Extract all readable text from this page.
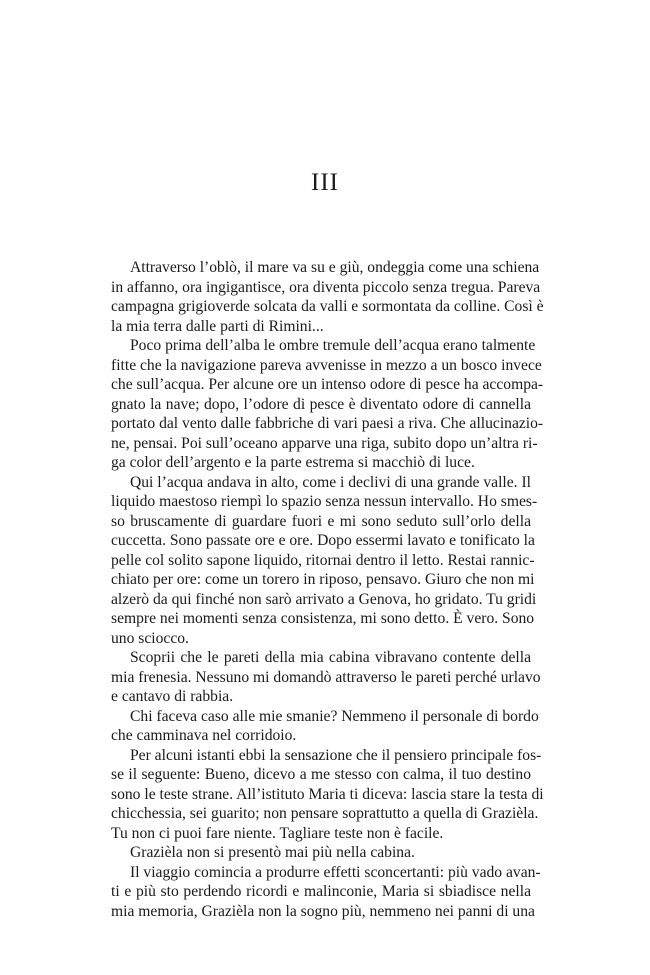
III
Attraverso l’oblò, il mare va su e giù, ondeggia come una schiena
in affanno, ora ingigantisce, ora diventa piccolo senza tregua. Pareva
campagna grigioverde solcata da valli e sormontata da colline. Così è
la mia terra dalle parti di Rimini...
Poco prima dell’alba le ombre tremule dell’acqua erano talmente
fitte che la navigazione pareva avvenisse in mezzo a un bosco invece
che sull’acqua. Per alcune ore un intenso odore di pesce ha accompa-
gnato la nave; dopo, l’odore di pesce è diventato odore di cannella
portato dal vento dalle fabbriche di vari paesi a riva. Che allucinazio-
ne, pensai. Poi sull’oceano apparve una riga, subito dopo un’altra ri-
ga color dell’argento e la parte estrema si macchiò di luce.
Qui l’acqua andava in alto, come i declivi di una grande valle. Il
liquido maestoso riempì lo spazio senza nessun intervallo. Ho smes-
so bruscamente di guardare fuori e mi sono seduto sull’orlo della
cuccetta. Sono passate ore e ore. Dopo essermi lavato e tonificato la
pelle col solito sapone liquido, ritornai dentro il letto. Restai rannic-
chiato per ore: come un torero in riposo, pensavo. Giuro che non mi
alzerò da qui finché non sarò arrivato a Genova, ho gridato. Tu gridi
sempre nei momenti senza consistenza, mi sono detto. È vero. Sono
uno sciocco.
Scoprii che le pareti della mia cabina vibravano contente della
mia frenesia. Nessuno mi domandò attraverso le pareti perché urlavo
e cantavo di rabbia.
Chi faceva caso alle mie smanie? Nemmeno il personale di bordo
che camminava nel corridoio.
Per alcuni istanti ebbi la sensazione che il pensiero principale fos-
se il seguente: Bueno, dicevo a me stesso con calma, il tuo destino
sono le teste strane. All’istituto Maria ti diceva: lascia stare la testa di
chicchessia, sei guarito; non pensare soprattutto a quella di Grazièla.
Tu non ci puoi fare niente. Tagliare teste non è facile.
Grazièla non si presentò mai più nella cabina.
Il viaggio comincia a produrre effetti sconcertanti: più vado avan-
ti e più sto perdendo ricordi e malinconie, Maria si sbiadisce nella
mia memoria, Grazièla non la sogno più, nemmeno nei panni di una
